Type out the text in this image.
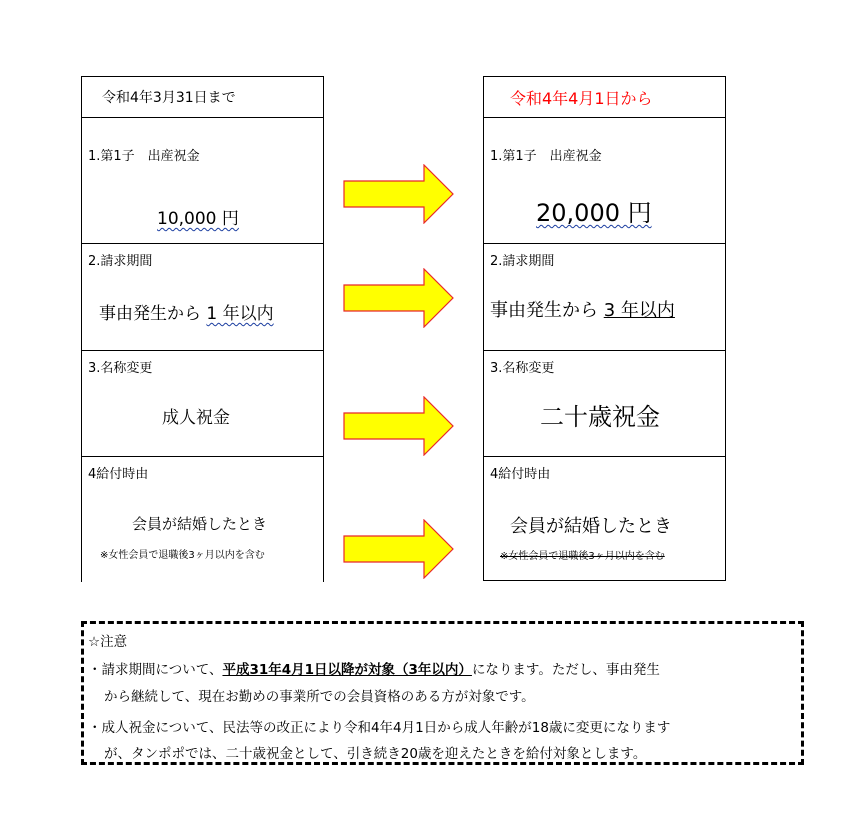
令和4年3月31日まで
1.第1子　出産祝金
10,000 円
2.請求期間
事由発生から 1 年以内
3.名称変更
成人祝金
4給付時由
会員が結婚したとき
※女性会員で退職後3ヶ月以内を含む
令和4年4月1日から
1.第1子　出産祝金
20,000 円
2.請求期間
事由発生から 3 年以内
3.名称変更
二十歳祝金
4給付時由
会員が結婚したとき
※女性会員で退職後3ヶ月以内を含む

☆注意

・請求期間について、平成31年4月1日以降が対象（3年以内）になります。ただし、事由発生

から継続して、現在お勤めの事業所での会員資格のある方が対象です。

・成人祝金について、民法等の改正により令和4年4月1日から成人年齢が18歳に変更になります

が、タンポポでは、二十歳祝金として、引き続き20歳を迎えたときを給付対象とします。
